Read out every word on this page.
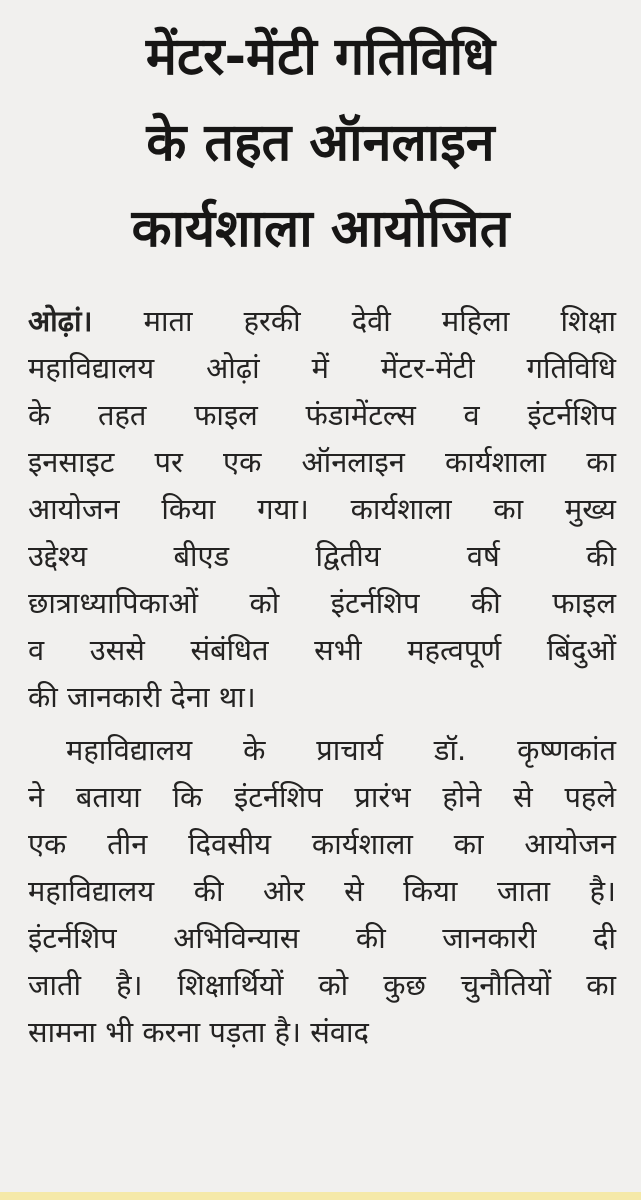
मेंटर-मेंटी गतिविधि
के तहत ऑनलाइन
कार्यशाला आयोजित
ओढ़ां। माता हरकी देवी महिला शिक्षा
महाविद्यालय ओढ़ां में मेंटर-मेंटी गतिविधि
के तहत फाइल फंडामेंटल्स व इंटर्नशिप
इनसाइट पर एक ऑनलाइन कार्यशाला का
आयोजन किया गया। कार्यशाला का मुख्य
उद्देश्य बीएड द्वितीय वर्ष की
छात्राध्यापिकाओं को इंटर्नशिप की फाइल
व उससे संबंधित सभी महत्वपूर्ण बिंदुओं
की जानकारी देना था।
महाविद्यालय के प्राचार्य डॉ. कृष्णकांत
ने बताया कि इंटर्नशिप प्रारंभ होने से पहले
एक तीन दिवसीय कार्यशाला का आयोजन
महाविद्यालय की ओर से किया जाता है।
इंटर्नशिप अभिविन्यास की जानकारी दी
जाती है। शिक्षार्थियों को कुछ चुनौतियों का
सामना भी करना पड़ता है। संवाद
